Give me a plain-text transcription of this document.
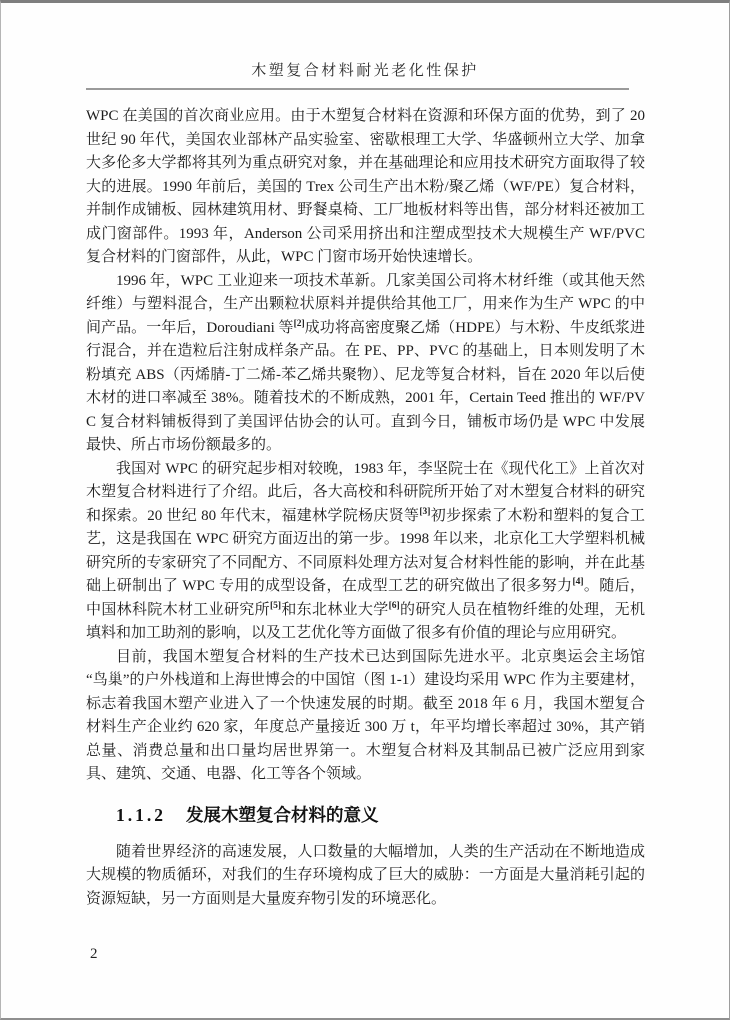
木塑复合材料耐光老化性保护

WPC 在美国的首次商业应用。由于木塑复合材料在资源和环保方面的优势，到了 20 世纪 90 年代，美国农业部林产品实验室、密歇根理工大学、华盛顿州立大学、加拿大多伦多大学都将其列为重点研究对象，并在基础理论和应用技术研究方面取得了较大的进展。1990 年前后，美国的 Trex 公司生产出木粉/聚乙烯（WF/PE）复合材料，并制作成铺板、园林建筑用材、野餐桌椅、工厂地板材料等出售，部分材料还被加工成门窗部件。1993 年，Anderson 公司采用挤出和注塑成型技术大规模生产 WF/PVC 复合材料的门窗部件，从此，WPC 门窗市场开始快速增长。

1996 年，WPC 工业迎来一项技术革新。几家美国公司将木材纤维（或其他天然纤维）与塑料混合，生产出颗粒状原料并提供给其他工厂，用来作为生产 WPC 的中间产品。一年后，Doroudiani 等[2]成功将高密度聚乙烯（HDPE）与木粉、牛皮纸浆进行混合，并在造粒后注射成样条产品。在 PE、PP、PVC 的基础上，日本则发明了木粉填充 ABS（丙烯腈-丁二烯-苯乙烯共聚物）、尼龙等复合材料，旨在 2020 年以后使木材的进口率减至 38%。随着技术的不断成熟，2001 年，Certain Teed 推出的 WF/PVC 复合材料铺板得到了美国评估协会的认可。直到今日，铺板市场仍是 WPC 中发展最快、所占市场份额最多的。

我国对 WPC 的研究起步相对较晚，1983 年，李坚院士在《现代化工》上首次对木塑复合材料进行了介绍。此后，各大高校和科研院所开始了对木塑复合材料的研究和探索。20 世纪 80 年代末，福建林学院杨庆贤等[3]初步探索了木粉和塑料的复合工艺，这是我国在 WPC 研究方面迈出的第一步。1998 年以来，北京化工大学塑料机械研究所的专家研究了不同配方、不同原料处理方法对复合材料性能的影响，并在此基础上研制出了 WPC 专用的成型设备，在成型工艺的研究做出了很多努力[4]。随后，中国林科院木材工业研究所[5]和东北林业大学[6]的研究人员在植物纤维的处理，无机填料和加工助剂的影响，以及工艺优化等方面做了很多有价值的理论与应用研究。

目前，我国木塑复合材料的生产技术已达到国际先进水平。北京奥运会主场馆“鸟巢”的户外栈道和上海世博会的中国馆（图 1-1）建设均采用 WPC 作为主要建材，标志着我国木塑产业进入了一个快速发展的时期。截至 2018 年 6 月，我国木塑复合材料生产企业约 620 家，年度总产量接近 300 万 t，年平均增长率超过 30%，其产销总量、消费总量和出口量均居世界第一。木塑复合材料及其制品已被广泛应用到家具、建筑、交通、电器、化工等各个领域。

1.1.2 发展木塑复合材料的意义

随着世界经济的高速发展，人口数量的大幅增加，人类的生产活动在不断地造成大规模的物质循环，对我们的生存环境构成了巨大的威胁：一方面是大量消耗引起的资源短缺，另一方面则是大量废弃物引发的环境恶化。

2
